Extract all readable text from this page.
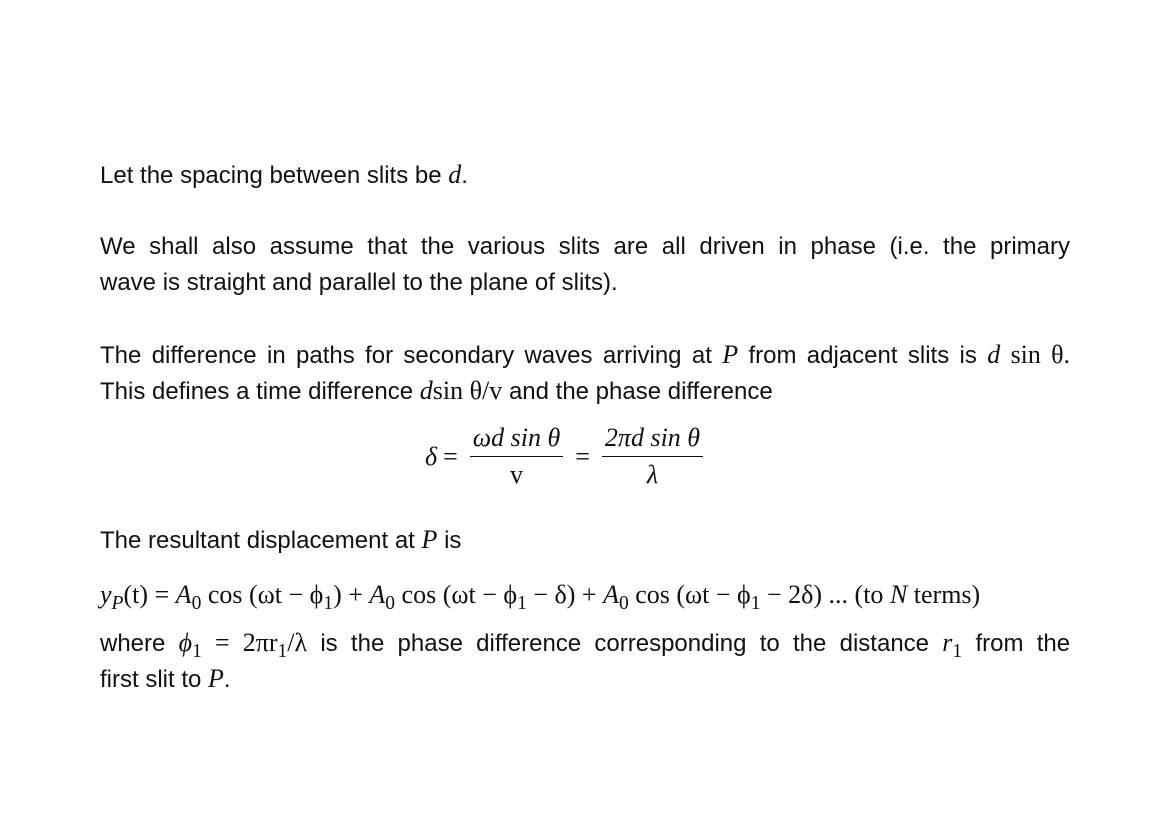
Let the spacing between slits be d.
We shall also assume that the various slits are all driven in phase (i.e. the primary
wave is straight and parallel to the plane of slits).
The difference in paths for secondary waves arriving at P from adjacent slits is d sin θ.
This defines a time difference dsin θ/v and the phase difference
$\delta = \frac{\text{ωd sin θ}}{v} = \frac{\text{2πd sin θ}}{\lambda}$
The resultant displacement at P is
$y_P(t) = A_0$ $\cos (\omega t - \phi_1) + A_0$ $\cos (\omega t - \phi_1 - \delta) + A_0$ $\cos (\omega t - \phi_1 - 2\delta)$ ... (to N terms)
where $\phi_1 = 2\pi r_1/\lambda$ is the phase difference corresponding to the distance $r_1$ from the
first slit to P.
